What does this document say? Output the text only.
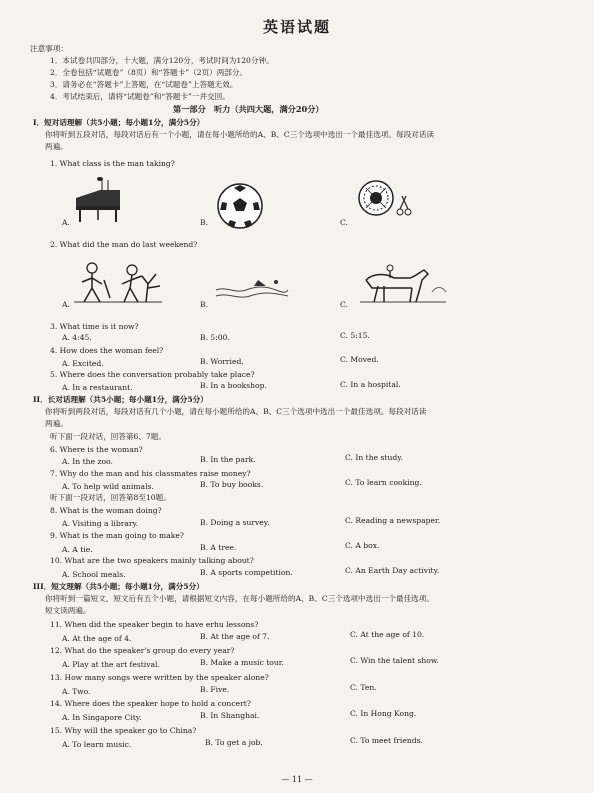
英语试题
注意事项：
1．本试卷共四部分，十大题，满分120分，考试时间为120分钟。
2．全卷包括“试题卷”（8页）和“答题卡”（2页）两部分。
3．请务必在“答题卡”上答题，在“试题卷”上答题无效。
4．考试结束后，请将“试题卷”和“答题卡”一并交回。
第一部分　听力（共四大题，满分20分）
I．短对话理解（共5小题；每小题1分，满分5分）
你将听到五段对话，每段对话后有一个小题，请在每小题所给的A、B、C三个选项中选出一个最佳选项。每段对话读
两遍。
1. What class is the man taking?
A.	B.	C.
2. What did the man do last weekend?
A.	B.	C.
3. What time is it now?
A. 4:45.	B. 5:00.	C. 5:15.
4. How does the woman feel?
A. Excited.	B. Worried.	C. Moved.
5. Where does the conversation probably take place?
A. In a restaurant.	B. In a bookshop.	C. In a hospital.
II．长对话理解（共5小题；每小题1分，满分5分）
你将听到两段对话，每段对话有几个小题，请在每小题所给的A、B、C三个选项中选出一个最佳选项。每段对话读
两遍。
听下面一段对话，回答第6、7题。
6. Where is the woman?
A. In the zoo.	B. In the park.	C. In the study.
7. Why do the man and his classmates raise money?
A. To help wild animals.	B. To buy books.	C. To learn cooking.
听下面一段对话，回答第8至10题。
8. What is the woman doing?
A. Visiting a library.	B. Doing a survey.	C. Reading a newspaper.
9. What is the man going to make?
A. A tie.	B. A tree.	C. A box.
10. What are the two speakers mainly talking about?
A. School meals.	B. A sports competition.	C. An Earth Day activity.
III．短文理解（共5小题；每小题1分，满分5分）
你将听到一篇短文，短文后有五个小题，请根据短文内容，在每小题所给的A、B、C三个选项中选出一个最佳选项。
短文读两遍。
11. When did the speaker begin to have erhu lessons?
A. At the age of 4.	B. At the age of 7.	C. At the age of 10.
12. What do the speaker's group do every year?
A. Play at the art festival.	B. Make a music tour.	C. Win the talent show.
13. How many songs were written by the speaker alone?
A. Two.	B. Five.	C. Ten.
14. Where does the speaker hope to hold a concert?
A. In Singapore City.	B. In Shanghai.	C. In Hong Kong.
15. Why will the speaker go to China?
A. To learn music.	B. To get a job.	C. To meet friends.
— 11 —
